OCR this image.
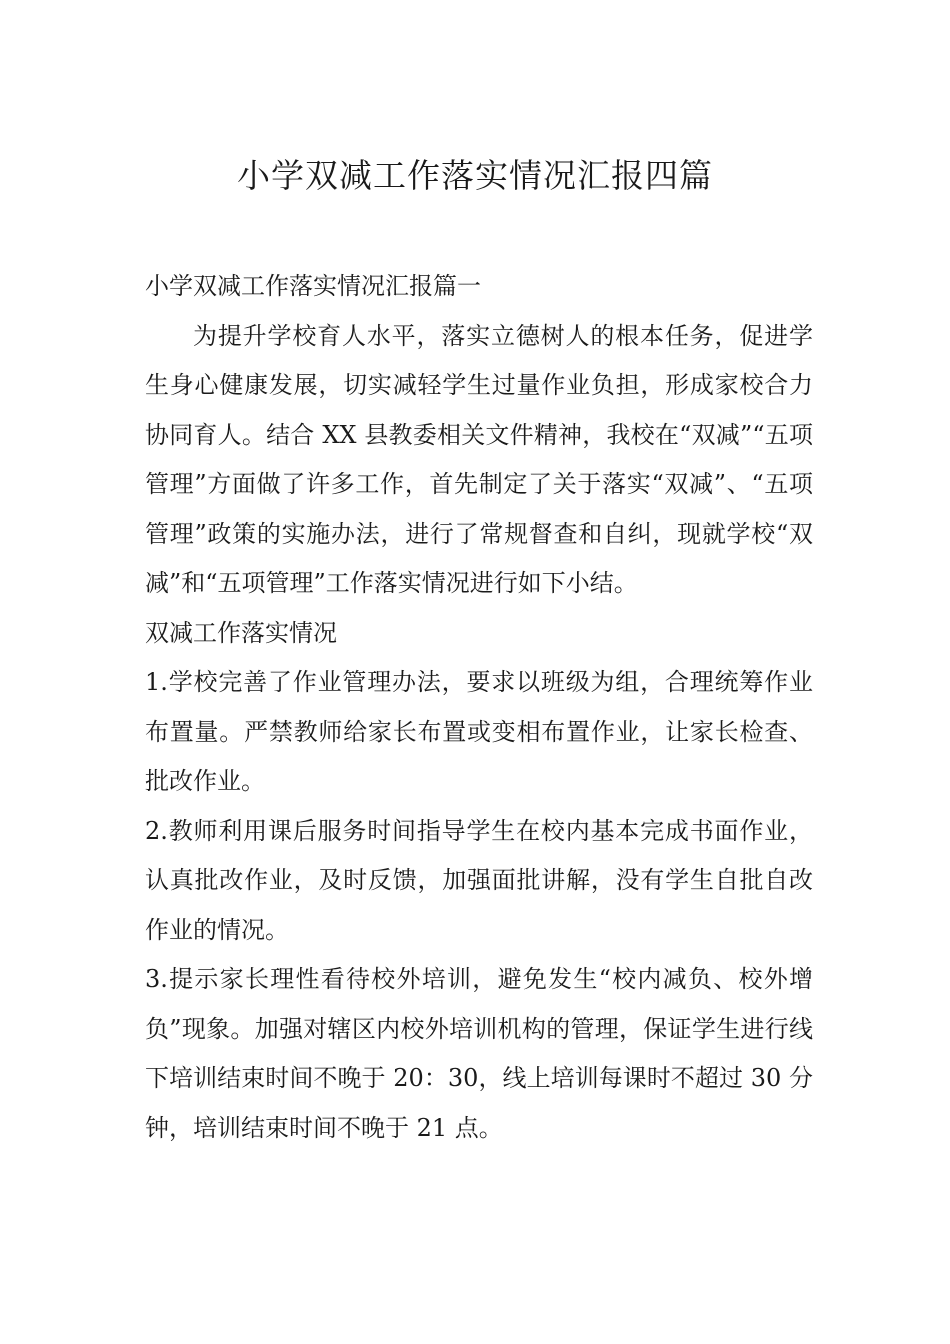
小学双减工作落实情况汇报四篇

小学双减工作落实情况汇报篇一

为提升学校育人水平，落实立德树人的根本任务，促进学生身心健康发展，切实减轻学生过量作业负担，形成家校合力协同育人。结合 XX 县教委相关文件精神，我校在“双减”“五项管理”方面做了许多工作，首先制定了关于落实“双减”、“五项管理”政策的实施办法，进行了常规督查和自纠，现就学校“双减”和“五项管理”工作落实情况进行如下小结。

双减工作落实情况

1.学校完善了作业管理办法，要求以班级为组，合理统筹作业布置量。严禁教师给家长布置或变相布置作业，让家长检查、批改作业。

2.教师利用课后服务时间指导学生在校内基本完成书面作业，认真批改作业，及时反馈，加强面批讲解，没有学生自批自改作业的情况。

3.提示家长理性看待校外培训，避免发生“校内减负、校外增负”现象。加强对辖区内校外培训机构的管理，保证学生进行线下培训结束时间不晚于 20：30，线上培训每课时不超过 30 分钟，培训结束时间不晚于 21 点。
